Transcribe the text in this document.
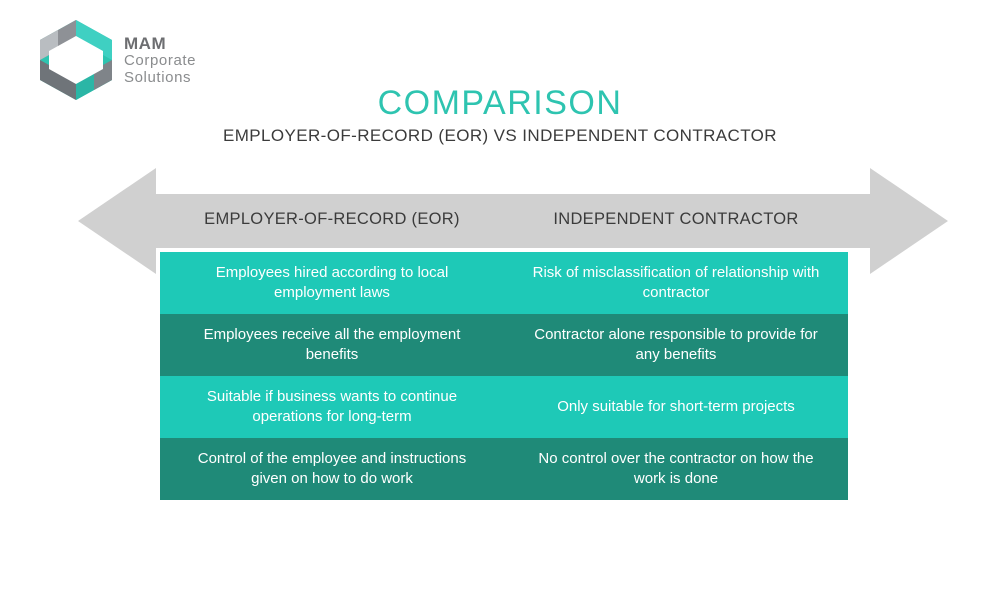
MAM
Corporate
Solutions
COMPARISON
EMPLOYER-OF-RECORD (EOR) VS INDEPENDENT CONTRACTOR
EMPLOYER-OF-RECORD (EOR)	INDEPENDENT CONTRACTOR
Employees hired according to local employment laws
Risk of misclassification of relationship with contractor
Employees receive all the employment benefits
Contractor alone responsible to provide for any benefits
Suitable if business wants to continue operations for long-term
Only suitable for short-term projects
Control of the employee and instructions given on how to do work
No control over the contractor on how the work is done
